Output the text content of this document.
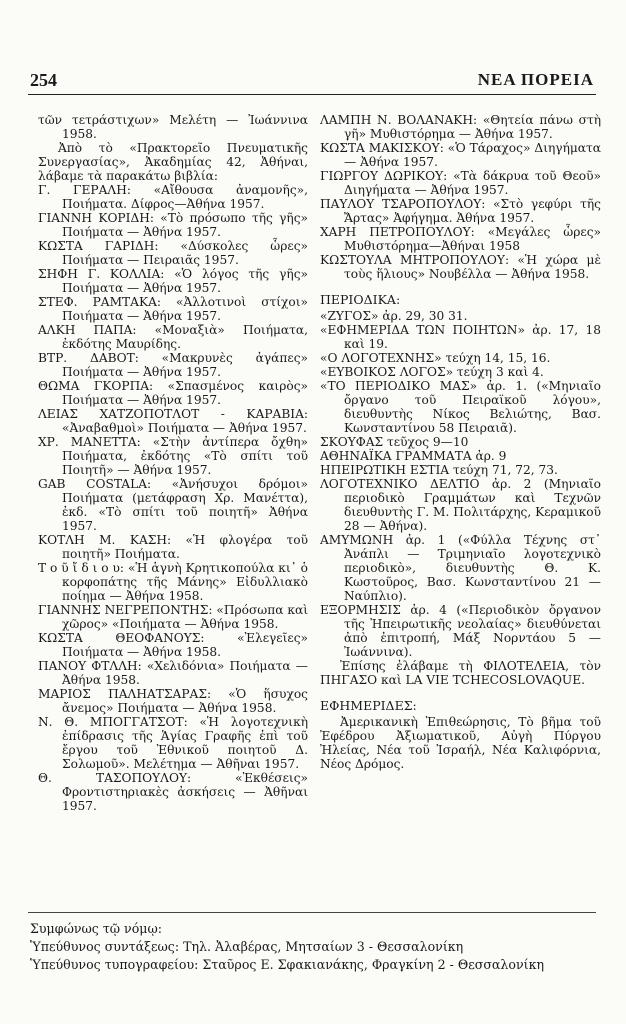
254	ΝΕΑ ΠΟΡΕΙΑ

τῶν τετράστιχων» Μελέτη — Ἰωάννινα 1958.

Ἀπὸ τὸ «Πρακτορεῖο Πνευματικῆς Συνεργασίας», Ἀκαδημίας 42, Ἀθήναι, λάβαμε τὰ παρακάτω βιβλία:

Γ. ΓΕΡΑΛΗ: «Αἴθουσα ἀναμονῆς», Ποιήματα. Δίφρος—Ἀθήνα 1957.

ΓΙΑΝΝΗ ΚΟΡΙΔΗ: «Τὸ πρόσωπο τῆς γῆς» Ποιήματα — Ἀθήνα 1957.

ΚΩΣΤΑ ΓΑΡΙΔΗ: «Δύσκολες ὧρες» Ποιήματα — Πειραιᾶς 1957.

ΣΗΦΗ Γ. ΚΟΛΛΙΑ: «Ὁ λόγος τῆς γῆς» Ποιήματα — Ἀθήνα 1957.

ΣΤΕΦ. ΡΑΜΤΑΚΑ: «Ἀλλοτινοὶ στίχοι» Ποιήματα — Ἀθήνα 1957.

ΑΛΚΗ ΠΑΠΑ: «Μοναξιὰ» Ποιήματα, ἐκδότης Μαυρίδης.

ΒΤΡ. ΔΑΒΟΤ: «Μακρυνὲς ἀγάπες» Ποιήματα — Ἀθήνα 1957.

ΘΩΜΑ ΓΚΟΡΠΑ: «Σπασμένος καιρὸς» Ποιήματα — Ἀθήνα 1957.

ΛΕΙΑΣ ΧΑΤΖΟΠΟΤΛΟΤ - ΚΑΡΑΒΙΑ: «Ἀναβαθμοὶ» Ποιήματα — Ἀθήνα 1957.

ΧΡ. ΜΑΝΕΤΤΑ: «Στὴν ἀντίπερα ὄχθη» Ποιήματα, ἐκδότης «Τὸ σπίτι τοῦ Ποιητῆ» — Ἀθήνα 1957.

GAB COSTALA: «Ἀνήσυχοι δρόμοι» Ποιήματα (μετάφραση Χρ. Μανέττα), ἐκδ. «Τὸ σπίτι τοῦ ποιητῆ» Ἀθήνα 1957.

ΚΟΤΛΗ Μ. ΚΑΣΗ: «Ἡ φλογέρα τοῦ ποιητῆ» Ποιήματα.

Τ ο ῦ ἴ δ ι ο υ: «Ἡ ἁγνὴ Κρητικοπούλα κι᾽ ὁ κορφοπάτης τῆς Μάνης» Εἰδυλλιακὸ ποίημα — Ἀθήνα 1958.

ΓΙΑΝΝΗΣ ΝΕΓΡΕΠΟΝΤΗΣ: «Πρόσωπα καὶ χῶρος» «Ποιήματα — Ἀθήνα 1958.

ΚΩΣΤΑ ΘΕΟΦΑΝΟΥΣ: «Ἐλεγεῖες» Ποιήματα — Ἀθήνα 1958.

ΠΑΝΟΥ ΦΤΛΛΗ: «Χελιδόνια» Ποιήματα — Ἀθήνα 1958.

ΜΑΡΙΟΣ ΠΑΛΗΑΤΣΑΡΑΣ: «Ὁ ἥσυχος ἄνεμος» Ποιήματα — Ἀθήνα 1958.

Ν. Θ. ΜΠΟΓΓΑΤΣΟΤ: «Ἡ λογοτεχνικὴ ἐπίδρασις τῆς Ἁγίας Γραφῆς ἐπὶ τοῦ ἔργου τοῦ Ἐθνικοῦ ποιητοῦ Δ. Σολωμοῦ». Μελέτημα — Ἀθῆναι 1957.

Θ. ΤΑΣΟΠΟΥΛΟΥ: «Ἐκθέσεις» Φροντιστηριακὲς ἀσκήσεις — Ἀθῆναι 1957.

ΛΑΜΠΗ Ν. ΒΟΛΑΝΑΚΗ: «Θητεία πάνω στὴ γῆ» Μυθιστόρημα — Ἀθήνα 1957.

ΚΩΣΤΑ ΜΑΚΙΣΚΟΥ: «Ὁ Τάραχος» Διηγήματα — Ἀθήνα 1957.

ΓΙΩΡΓΟΥ ΔΩΡΙΚΟΥ: «Τὰ δάκρυα τοῦ Θεοῦ» Διηγήματα — Ἀθήνα 1957.

ΠΑΥΛΟΥ ΤΣΑΡΟΠΟΥΛΟΥ: «Στὸ γεφύρι τῆς Ἄρτας» Ἀφήγημα. Ἀθήνα 1957.

ΧΑΡΗ ΠΕΤΡΟΠΟΥΛΟΥ: «Μεγάλες ὧρες» Μυθιστόρημα—Ἀθήναι 1958

ΚΩΣΤΟΥΛΑ ΜΗΤΡΟΠΟΥΛΟΥ: «Ἡ χώρα μὲ τοὺς ἥλιους» Νουβέλλα — Ἀθήνα 1958.

ΠΕΡΙΟΔΙΚΑ:

«ΖΥΓΟΣ» ἀρ. 29, 30 31.

«ΕΦΗΜΕΡΙΔΑ ΤΩΝ ΠΟΙΗΤΩΝ» ἀρ. 17, 18 καὶ 19.

«Ο ΛΟΓΟΤΕΧΝΗΣ» τεύχη 14, 15, 16.

«ΕΥΒΟΙΚΟΣ ΛΟΓΟΣ» τεύχη 3 καὶ 4.

«ΤΟ ΠΕΡΙΟΔΙΚΟ ΜΑΣ» ἀρ. 1. («Μηνιαῖο ὄργανο τοῦ Πειραϊκοῦ λόγου», διευθυντὴς Νίκος Βελιώτης, Βασ. Κωνσταντίνου 58 Πειραιᾶ).

ΣΚΟΥΦΑΣ τεῦχος 9—10

ΑΘΗΝΑΪΚΑ ΓΡΑΜΜΑΤΑ ἀρ. 9

ΗΠΕΙΡΩΤΙΚΗ ΕΣΤΙΑ τεύχη 71, 72, 73.

ΛΟΓΟΤΕΧΝΙΚΟ ΔΕΛΤΙΟ ἀρ. 2 (Μηνιαῖο περιοδικὸ Γραμμάτων καὶ Τεχνῶν διευθυντὴς Γ. Μ. Πολιτάρχης, Κεραμικοῦ 28 — Ἀθήνα).

ΑΜΥΜΩΝΗ ἀρ. 1 («Φύλλα Τέχνης στ᾽ Ἀνάπλι — Τριμηνιαῖο λογοτεχνικὸ περιοδικὸ», διευθυντὴς Θ. Κ. Κωστοῦρος, Βασ. Κωνσταντίνου 21 — Ναύπλιο).

ΕΞΟΡΜΗΣΙΣ ἀρ. 4 («Περιοδικὸν ὄργανον τῆς Ἠπειρωτικῆς νεολαίας» διευθύνεται ἀπὸ ἐπιτροπή, Μάξ Νορντάου 5 — Ἰωάννινα).

Ἐπίσης ἐλάβαμε τὴ ΦΙΛΟΤΕΛΕΙΑ, τὸν ΠΗΓΑΣΟ καὶ LA VIE TCHECOSLOVAQUE.

ΕΦΗΜΕΡΙΔΕΣ:

Ἀμερικανικὴ Ἐπιθεώρησις, Τὸ βῆμα τοῦ Ἐφέδρου Ἀξιωματικοῦ, Αὐγὴ Πύργου Ἠλείας, Νέα τοῦ Ἰσραήλ, Νέα Καλιφόρνια, Νέος Δρόμος.

Συμφώνως τῷ νόμῳ:

Ὑπεύθυνος συντάξεως: Τηλ. Ἀλαβέρας, Μητσαίων 3 - Θεσσαλονίκη

Ὑπεύθυνος τυπογραφείου: Σταῦρος Ε. Σφακιανάκης, Φραγκίνη 2 - Θεσσαλονίκη
